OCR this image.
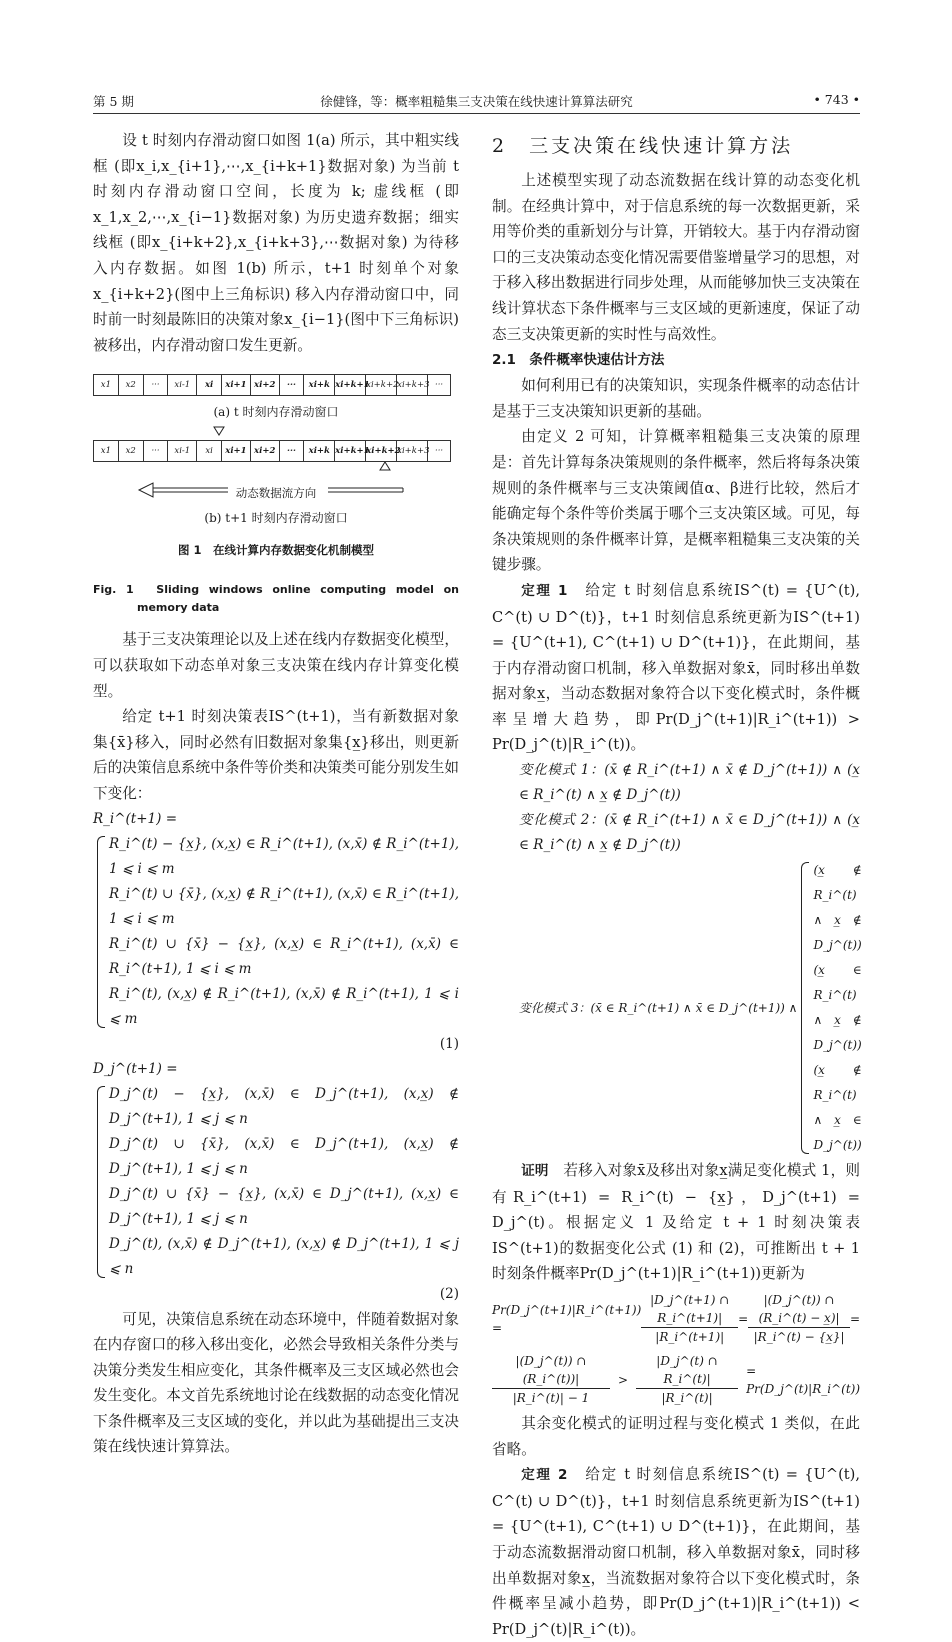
第 5 期	徐健锋，等：概率粗糙集三支决策在线快速计算算法研究	• 743 •

设 t 时刻内存滑动窗口如图 1(a) 所示，其中粗实线框 (即x_i,x_{i+1},⋯,x_{i+k+1}数据对象) 为当前 t 时刻内存滑动窗口空间，长度为 k; 虚线框 (即x_1,x_2,⋯,x_{i−1}数据对象) 为历史遗弃数据；细实线框 (即x_{i+k+2},x_{i+k+3},⋯数据对象) 为待移入内存数据。如图 1(b) 所示，t+1 时刻单个对象x_{i+k+2}(图中上三角标识) 移入内存滑动窗口中，同时前一时刻最陈旧的决策对象x_{i−1}(图中下三角标识) 被移出，内存滑动窗口发生更新。

x1	x2	···	xi-1	xi	xi+1 xi+2	···	xi+k xi+k+1
xi+k+2
xi+k+3 ···
(a) t 时刻内存滑动窗口
x1	x2	···	xi-1	xi	xi+1 xi+2	···	xi+k xi+k+1
xi+k+2
xi+k+3 ···
动态数据流方向
(b) t+1 时刻内存滑动窗口
图 1　在线计算内存数据变化机制模型
Fig. 1　Sliding windows online computing model on memory data

基于三支决策理论以及上述在线内存数据变化模型，可以获取如下动态单对象三支决策在线内存计算变化模型。

给定 t+1 时刻决策表IS^(t+1)，当有新数据对象集{x̄}移入，同时必然有旧数据对象集{x̲}移出，则更新后的决策信息系统中条件等价类和决策类可能分别发生如下变化：

R_i^(t+1) =
R_i^(t) − {x̲}, (x,x̲) ∈ R_i^(t+1), (x,x̄) ∉ R_i^(t+1), 1 ⩽ i ⩽ m
R_i^(t) ∪ {x̄}, (x,x̲) ∉ R_i^(t+1), (x,x̄) ∈ R_i^(t+1), 1 ⩽ i ⩽ m
R_i^(t) ∪ {x̄} − {x̲}, (x,x̲) ∈ R_i^(t+1), (x,x̄) ∈ R_i^(t+1), 1 ⩽ i ⩽ m
R_i^(t), (x,x̲) ∉ R_i^(t+1), (x,x̄) ∉ R_i^(t+1), 1 ⩽ i ⩽ m
(1)
D_j^(t+1) =
D_j^(t) − {x̲}, (x,x̄) ∈ D_j^(t+1), (x,x̲) ∉ D_j^(t+1), 1 ⩽ j ⩽ n
D_j^(t) ∪ {x̄}, (x,x̄) ∈ D_j^(t+1), (x,x̲) ∉ D_j^(t+1), 1 ⩽ j ⩽ n
D_j^(t) ∪ {x̄} − {x̲}, (x,x̄) ∈ D_j^(t+1), (x,x̲) ∈ D_j^(t+1), 1 ⩽ j ⩽ n
D_j^(t), (x,x̄) ∉ D_j^(t+1), (x,x̲) ∉ D_j^(t+1), 1 ⩽ j ⩽ n
(2)

可见，决策信息系统在动态环境中，伴随着数据对象在内存窗口的移入移出变化，必然会导致相关条件分类与决策分类发生相应变化，其条件概率及三支区域必然也会发生变化。本文首先系统地讨论在线数据的动态变化情况下条件概率及三支区域的变化，并以此为基础提出三支决策在线快速计算算法。

2　三支决策在线快速计算方法

上述模型实现了动态流数据在线计算的动态变化机制。在经典计算中，对于信息系统的每一次数据更新，采用等价类的重新划分与计算，开销较大。基于内存滑动窗口的三支决策动态变化情况需要借鉴增量学习的思想，对于移入移出数据进行同步处理，从而能够加快三支决策在线计算状态下条件概率与三支区域的更新速度，保证了动态三支决策更新的实时性与高效性。

2.1　条件概率快速估计方法

如何利用已有的决策知识，实现条件概率的动态估计是基于三支决策知识更新的基础。

由定义 2 可知，计算概率粗糙集三支决策的原理是：首先计算每条决策规则的条件概率，然后将每条决策规则的条件概率与三支决策阈值α、β进行比较，然后才能确定每个条件等价类属于哪个三支决策区域。可见，每条决策规则的条件概率计算，是概率粗糙集三支决策的关键步骤。

定理 1　 给定 t 时刻信息系统IS^(t) = {U^(t), C^(t) ∪ D^(t)}，t+1 时刻信息系统更新为IS^(t+1) = {U^(t+1), C^(t+1) ∪ D^(t+1)}，在此期间，基于内存滑动窗口机制，移入单数据对象x̄，同时移出单数据对象x̲，当动态数据对象符合以下变化模式时，条件概率呈增大趋势，即Pr(D_j^(t+1)|R_i^(t+1)) > Pr(D_j^(t)|R_i^(t))。

变化模式 1：(x̄ ∉ R_i^(t+1) ∧ x̄ ∉ D_j^(t+1)) ∧ (x̲ ∈ R_i^(t) ∧ x̲ ∉ D_j^(t))
变化模式 2：(x̄ ∉ R_i^(t+1) ∧ x̄ ∈ D_j^(t+1)) ∧ (x̲ ∈ R_i^(t) ∧ x̲ ∉ D_j^(t))
变化模式 3：(x̄ ∈ R_i^(t+1) ∧ x̄ ∈ D_j^(t+1)) ∧
(x̲ ∉ R_i^(t) ∧ x̲ ∉ D_j^(t))
(x̲ ∈ R_i^(t) ∧ x̲ ∉ D_j^(t))
(x̲ ∉ R_i^(t) ∧ x̲ ∈ D_j^(t))

证明　 若移入对象x̄及移出对象x̲满足变化模式 1，则有R_i^(t+1) = R_i^(t) − {x̲}，D_j^(t+1) = D_j^(t)。根据定义 1 及给定 t + 1 时刻决策表IS^(t+1)的数据变化公式 (1) 和 (2)，可推断出 t + 1 时刻条件概率Pr(D_j^(t+1)|R_i^(t+1))更新为

Pr(D_j^(t+1)|R_i^(t+1)) =	$\frac{|D\_j\^{}(t+1) \cap R\_i\^{}(t+1)|}{|R\_i\^{}(t+1)|} = \frac{|(D\_j\^{}(t)) \cap (R\_i\^{}(t) - x̲)|}{|R\_i\^{}(t) - \{x̲\}|}$ =
$\frac{|(D\_j\^{}(t)) \cap (R\_i\^{}(t))|}{|R\_i\^{}(t)| - 1} > \frac{|D\_j\^{}(t) \cap R\_i\^{}(t)|}{|R\_i\^{}(t)|}$ = Pr(D_j^(t)|R_i^(t))

其余变化模式的证明过程与变化模式 1 类似，在此省略。

定理 2　 给定 t 时刻信息系统IS^(t) = {U^(t), C^(t) ∪ D^(t)}，t+1 时刻信息系统更新为IS^(t+1) = {U^(t+1), C^(t+1) ∪ D^(t+1)}，在此期间，基于动态流数据滑动窗口机制，移入单数据对象x̄，同时移出单数据对象x̲，当流数据对象符合以下变化模式时，条件概率呈减小趋势，即Pr(D_j^(t+1)|R_i^(t+1)) < Pr(D_j^(t)|R_i^(t))。
